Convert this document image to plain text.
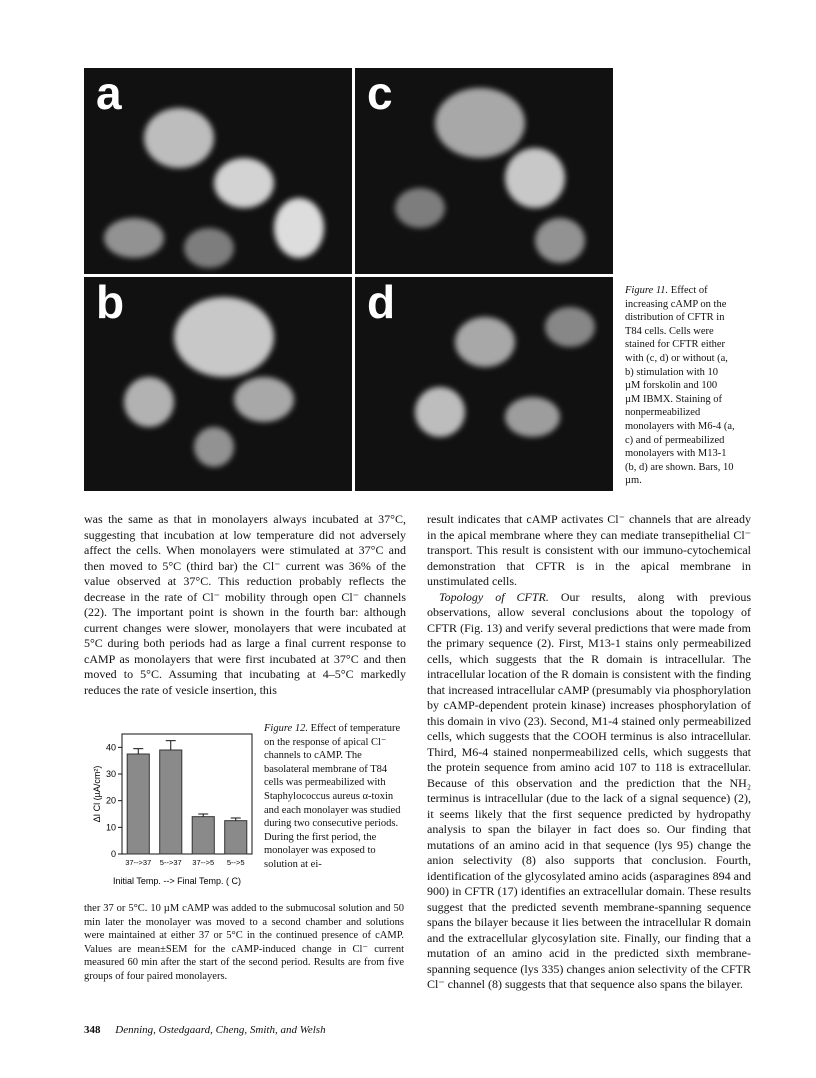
a	c
b	d	Figure 11. Effect of increasing cAMP on the distribution of CFTR in T84 cells. Cells were stained for CFTR either with (c, d) or without (a, b) stimulation with 10 µM forskolin and 100 µM IBMX. Staining of nonpermeabilized monolayers with M6-4 (a, c) and of permeabilized monolayers with M13-1 (b, d) are shown. Bars, 10 µm.

was the same as that in monolayers always incubated at 37°C, suggesting that incubation at low temperature did not adversely affect the cells. When monolayers were stimulated at 37°C and then moved to 5°C (third bar) the Cl⁻ current was 36% of the value observed at 37°C. This reduction probably reflects the decrease in the rate of Cl⁻ mobility through open Cl⁻ channels (22). The important point is shown in the fourth bar: although current changes were slower, monolayers that were incubated at 5°C during both periods had as large a final current response to cAMP as monolayers that were first incubated at 37°C and then moved to 5°C. Assuming that incubating at 4–5°C markedly reduces the rate of vesicle insertion, this

0
10
20
30
40
37-->37 5-->37 37-->5 5-->5
ΔI Cl (µA/cm²)
Initial Temp. --> Final Temp. ( C)
Figure 12. Effect of temperature on the response of apical Cl⁻ channels to cAMP. The basolateral membrane of T84 cells was permeabilized with Staphylococcus aureus α-toxin and each monolayer was studied during two consecutive periods. During the first period, the monolayer was exposed to solution at ei-
ther 37 or 5°C. 10 µM cAMP was added to the submucosal solution and 50 min later the monolayer was moved to a second chamber and solutions were maintained at either 37 or 5°C in the continued presence of cAMP. Values are mean±SEM for the cAMP-induced change in Cl⁻ current measured 60 min after the start of the second period. Results are from five groups of four paired monolayers.

result indicates that cAMP activates Cl⁻ channels that are already in the apical membrane where they can mediate transepithelial Cl⁻ transport. This result is consistent with our immuno-cytochemical demonstration that CFTR is in the apical membrane in unstimulated cells.

Topology of CFTR. Our results, along with previous observations, allow several conclusions about the topology of CFTR (Fig. 13) and verify several predictions that were made from the primary sequence (2). First, M13-1 stains only permeabilized cells, which suggests that the R domain is intracellular. The intracellular location of the R domain is consistent with the finding that increased intracellular cAMP (presumably via phosphorylation by cAMP-dependent protein kinase) increases phosphorylation of this domain in vivo (23). Second, M1-4 stained only permeabilized cells, which suggests that the COOH terminus is also intracellular. Third, M6-4 stained nonpermeabilized cells, which suggests that the protein sequence from amino acid 107 to 118 is extracellular. Because of this observation and the prediction that the NH₂ terminus is intracellular (due to the lack of a signal sequence) (2), it seems likely that the first sequence predicted by hydropathy analysis to span the bilayer in fact does so. Our finding that mutations of an amino acid in that sequence (lys 95) change the anion selectivity (8) also supports that conclusion. Fourth, identification of the glycosylated amino acids (asparagines 894 and 900) in CFTR (17) identifies an extracellular domain. These results suggest that the predicted seventh membrane-spanning sequence spans the bilayer because it lies between the intracellular R domain and the extracellular glycosylation site. Finally, our finding that a mutation of an amino acid in the predicted sixth membrane-spanning sequence (lys 335) changes anion selectivity of the CFTR Cl⁻ channel (8) suggests that that sequence also spans the bilayer.

348 Denning, Ostedgaard, Cheng, Smith, and Welsh
